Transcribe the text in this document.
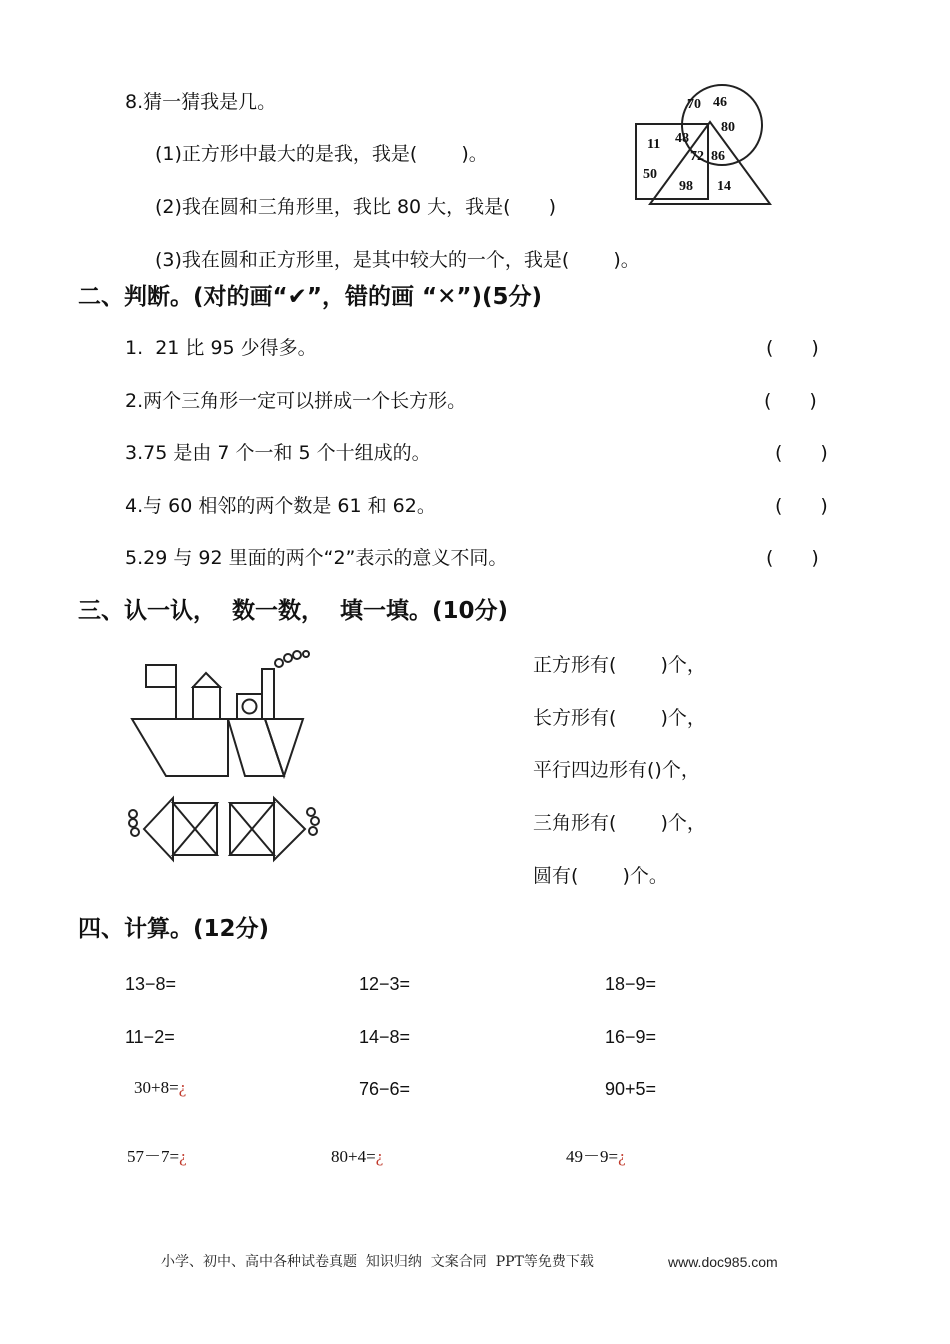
8.猜一猜我是几。
(1)正方形中最大的是我，我是(　　 )。
(2)我在圆和三角形里，我比 80 大，我是(　　)
(3)我在圆和正方形里，是其中较大的一个，我是(　　 )。
70 46
80
11 48
72 86
50
98 14
二、判断。(对的画“✔”，错的画 “✕”)(5分)
1.  21 比 95 少得多。	(　　)
2.两个三角形一定可以拼成一个长方形。	(　　)
3.75 是由 7 个一和 5 个十组成的。	(　　)
4.与 60 相邻的两个数是 61 和 62。	(　　)
5.29 与 92 里面的两个“2”表示的意义不同。	(　　)
三、认一认，  数一数，  填一填。(10分)
正方形有(　　 )个，
长方形有(　　 )个，
平行四边形有()个，
三角形有(　　 )个，
圆有(　　 )个。
四、计算。(12分)
13−8=	12−3=	18−9=
11−2=	14−8=	16−9=
30+8=¿	76−6=	90+5=
57－7=¿	80+4=¿	49－9=¿
小学、初中、高中各种试卷真题  知识归纳  文案合同  PPT等免费下载	www.doc985.com
